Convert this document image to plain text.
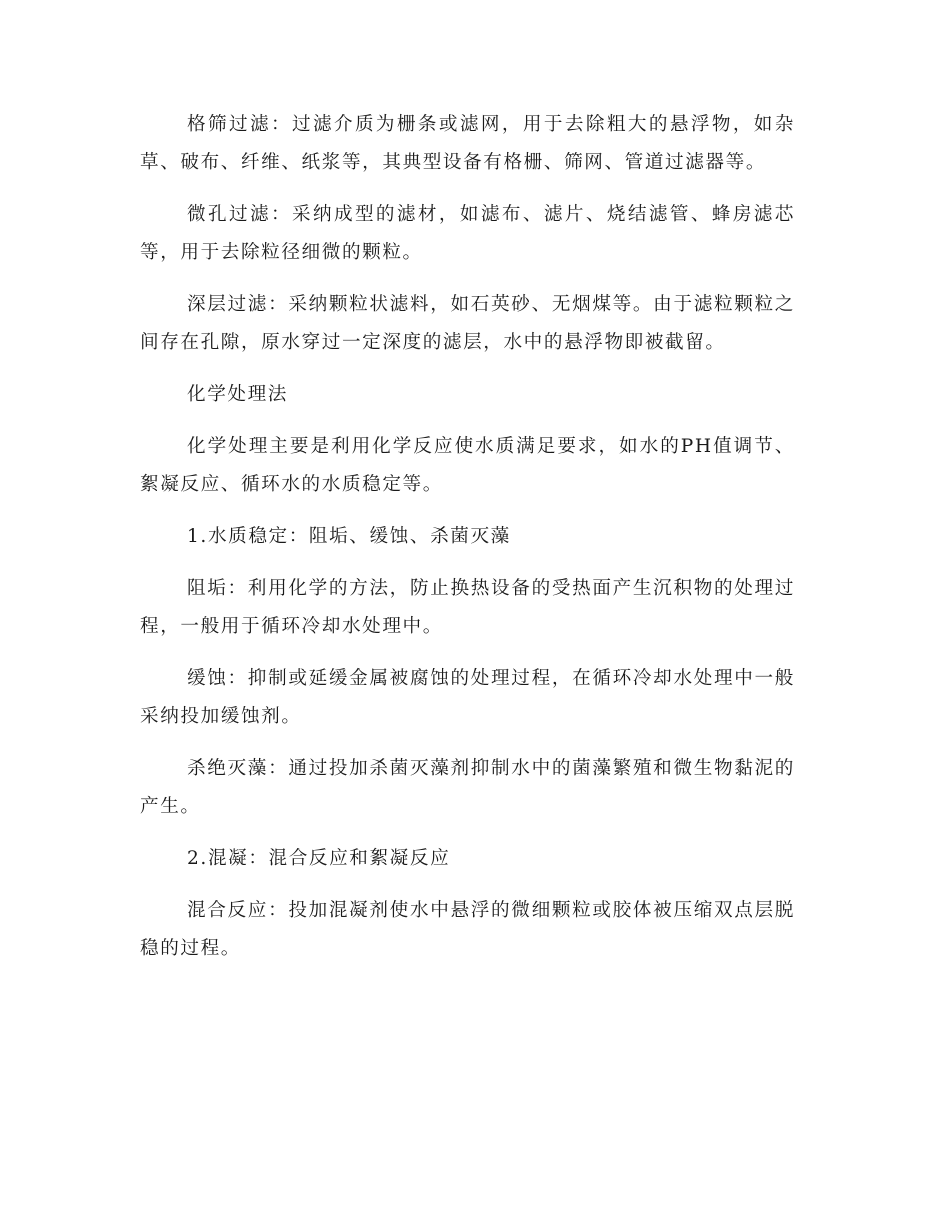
格筛过滤：过滤介质为栅条或滤网，用于去除粗大的悬浮物，如杂草、破布、纤维、纸浆等，其典型设备有格栅、筛网、管道过滤器等。

微孔过滤：采纳成型的滤材，如滤布、滤片、烧结滤管、蜂房滤芯等，用于去除粒径细微的颗粒。

深层过滤：采纳颗粒状滤料，如石英砂、无烟煤等。由于滤粒颗粒之间存在孔隙，原水穿过一定深度的滤层，水中的悬浮物即被截留。

化学处理法

化学处理主要是利用化学反应使水质满足要求，如水的PH值调节、絮凝反应、循环水的水质稳定等。

1.水质稳定：阻垢、缓蚀、杀菌灭藻

阻垢：利用化学的方法，防止换热设备的受热面产生沉积物的处理过程，一般用于循环冷却水处理中。

缓蚀：抑制或延缓金属被腐蚀的处理过程，在循环冷却水处理中一般采纳投加缓蚀剂。

杀绝灭藻：通过投加杀菌灭藻剂抑制水中的菌藻繁殖和微生物黏泥的产生。

2.混凝：混合反应和絮凝反应

混合反应：投加混凝剂使水中悬浮的微细颗粒或胶体被压缩双点层脱稳的过程。
